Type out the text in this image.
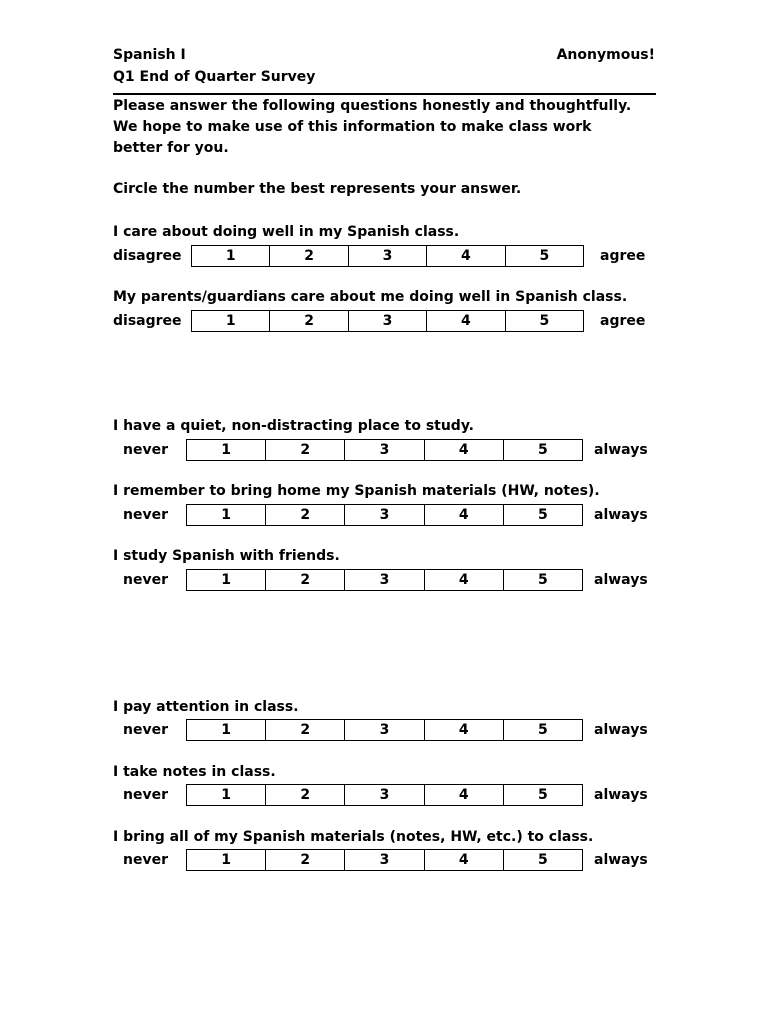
Spanish I	Anonymous!
Q1 End of Quarter Survey
Please answer the following questions honestly and thoughtfully.
We hope to make use of this information to make class work
better for you.
Circle the number the best represents your answer.
I care about doing well in my Spanish class.
disagree	1	2	3	4	5	agree
My parents/guardians care about me doing well in Spanish class.
disagree	1	2	3	4	5	agree
I have a quiet, non-distracting place to study.
never	1	2	3	4	5	always
I remember to bring home my Spanish materials (HW, notes).
never	1	2	3	4	5	always
I study Spanish with friends.
never	1	2	3	4	5	always
I pay attention in class.
never	1	2	3	4	5	always
I take notes in class.
never	1	2	3	4	5	always
I bring all of my Spanish materials (notes, HW, etc.) to class.
never	1	2	3	4	5	always
